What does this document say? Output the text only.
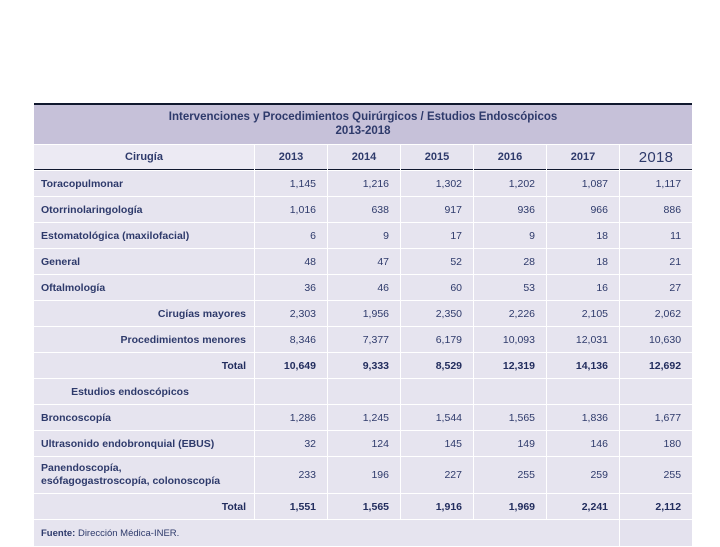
Intervenciones y Procedimientos Quirúrgicos / Estudios Endoscópicos
2013-2018						

Cirugía	2013	2014	2015	2016	2017	2018
Toracopulmonar	1,145	1,216	1,302	1,202	1,087	1,117
Otorrinolaringología	1,016	638	917	936	966	886
Estomatológica (maxilofacial)	6	9	17	9	18	11
General	48	47	52	28	18	21
Oftalmología	36	46	60	53	16	27
Cirugías mayores	2,303	1,956	2,350	2,226	2,105	2,062
Procedimientos menores	8,346	7,377	6,179	10,093	12,031	10,630
Total	10,649	9,333	8,529	12,319	14,136	12,692
Estudios endoscópicos						
Broncoscopía	1,286	1,245	1,544	1,565	1,836	1,677
Ultrasonido endobronquial (EBUS)	32	124	145	149	146	180
Panendoscopía,
esófagogastroscopía, colonoscopía	233	196	227	255	259	255
Total	1,551	1,565	1,916	1,969	2,241	2,112
Fuente: Dirección Médica-INER.						
